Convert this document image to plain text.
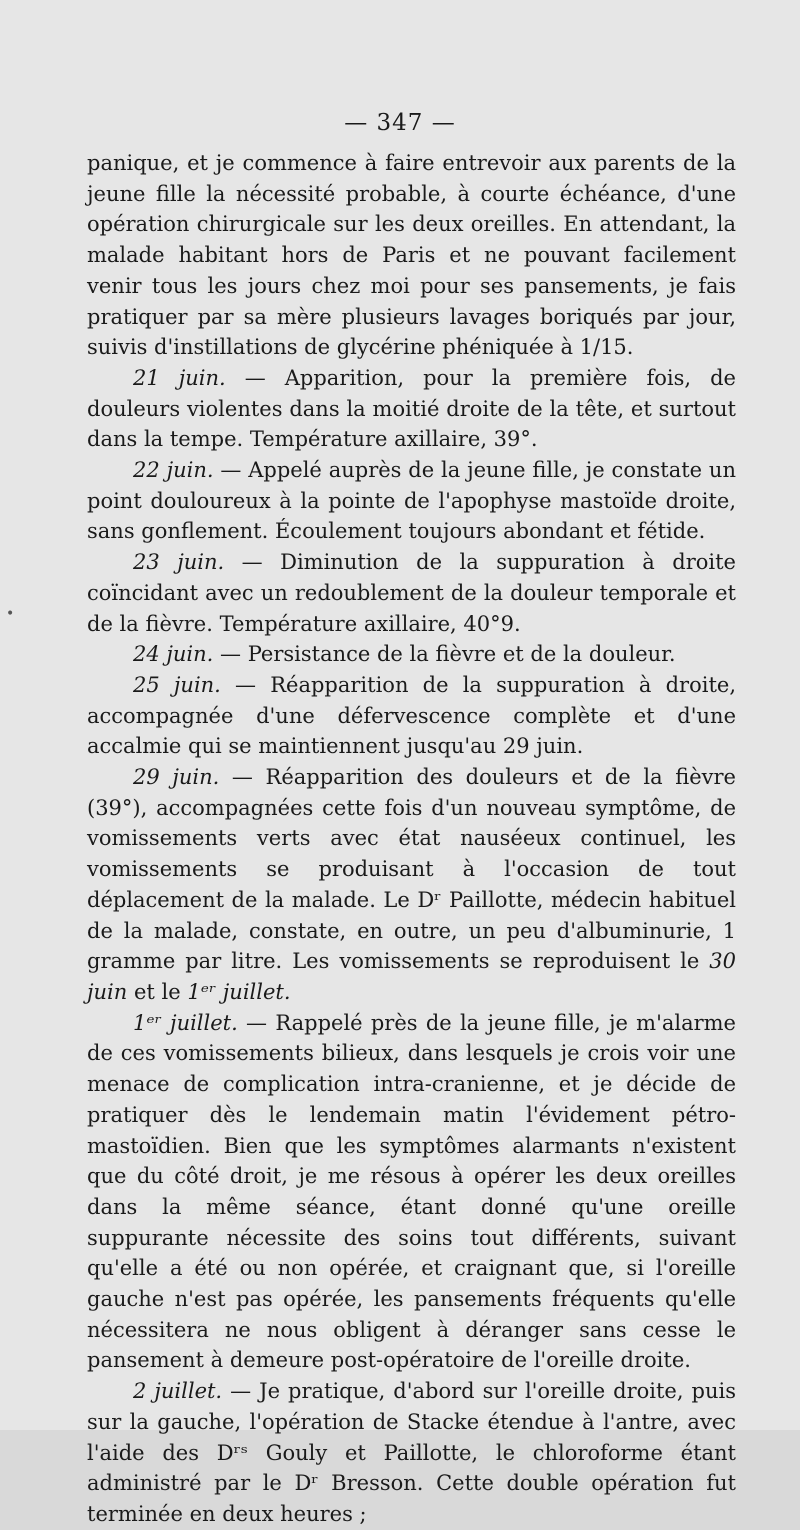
— 347 —

panique, et je commence à faire entrevoir aux parents de la jeune fille la nécessité probable, à courte échéance, d'une opération chirurgicale sur les deux oreilles. En attendant, la malade habitant hors de Paris et ne pouvant facilement venir tous les jours chez moi pour ses pansements, je fais pratiquer par sa mère plusieurs lavages boriqués par jour, suivis d'instillations de glycérine phéniquée à 1/15.

21 juin. — Apparition, pour la première fois, de douleurs violentes dans la moitié droite de la tête, et surtout dans la tempe. Température axillaire, 39°.

22 juin. — Appelé auprès de la jeune fille, je constate un point douloureux à la pointe de l'apophyse mastoïde droite, sans gonflement. Écoulement toujours abondant et fétide.

23 juin. — Diminution de la suppuration à droite coïncidant avec un redoublement de la douleur temporale et de la fièvre. Température axillaire, 40°9.

24 juin. — Persistance de la fièvre et de la douleur.

25 juin. — Réapparition de la suppuration à droite, accompagnée d'une défervescence complète et d'une accalmie qui se maintiennent jusqu'au 29 juin.

29 juin. — Réapparition des douleurs et de la fièvre (39°), accompagnées cette fois d'un nouveau symptôme, de vomissements verts avec état nauséeux continuel, les vomissements se produisant à l'occasion de tout déplacement de la malade. Le Dʳ Paillotte, médecin habituel de la malade, constate, en outre, un peu d'albuminurie, 1 gramme par litre. Les vomissements se reproduisent le 30 juin et le 1ᵉʳ juillet.

1ᵉʳ juillet. — Rappelé près de la jeune fille, je m'alarme de ces vomissements bilieux, dans lesquels je crois voir une menace de complication intra-cranienne, et je décide de pratiquer dès le lendemain matin l'évidement pétro-mastoïdien. Bien que les symptômes alarmants n'existent que du côté droit, je me résous à opérer les deux oreilles dans la même séance, étant donné qu'une oreille suppurante nécessite des soins tout différents, suivant qu'elle a été ou non opérée, et craignant que, si l'oreille gauche n'est pas opérée, les pansements fréquents qu'elle nécessitera ne nous obligent à déranger sans cesse le pansement à demeure post-opératoire de l'oreille droite.

2 juillet. — Je pratique, d'abord sur l'oreille droite, puis sur la gauche, l'opération de Stacke étendue à l'antre, avec l'aide des Dʳˢ Gouly et Paillotte, le chloroforme étant administré par le Dʳ Bresson. Cette double opération fut terminée en deux heures ;

•
